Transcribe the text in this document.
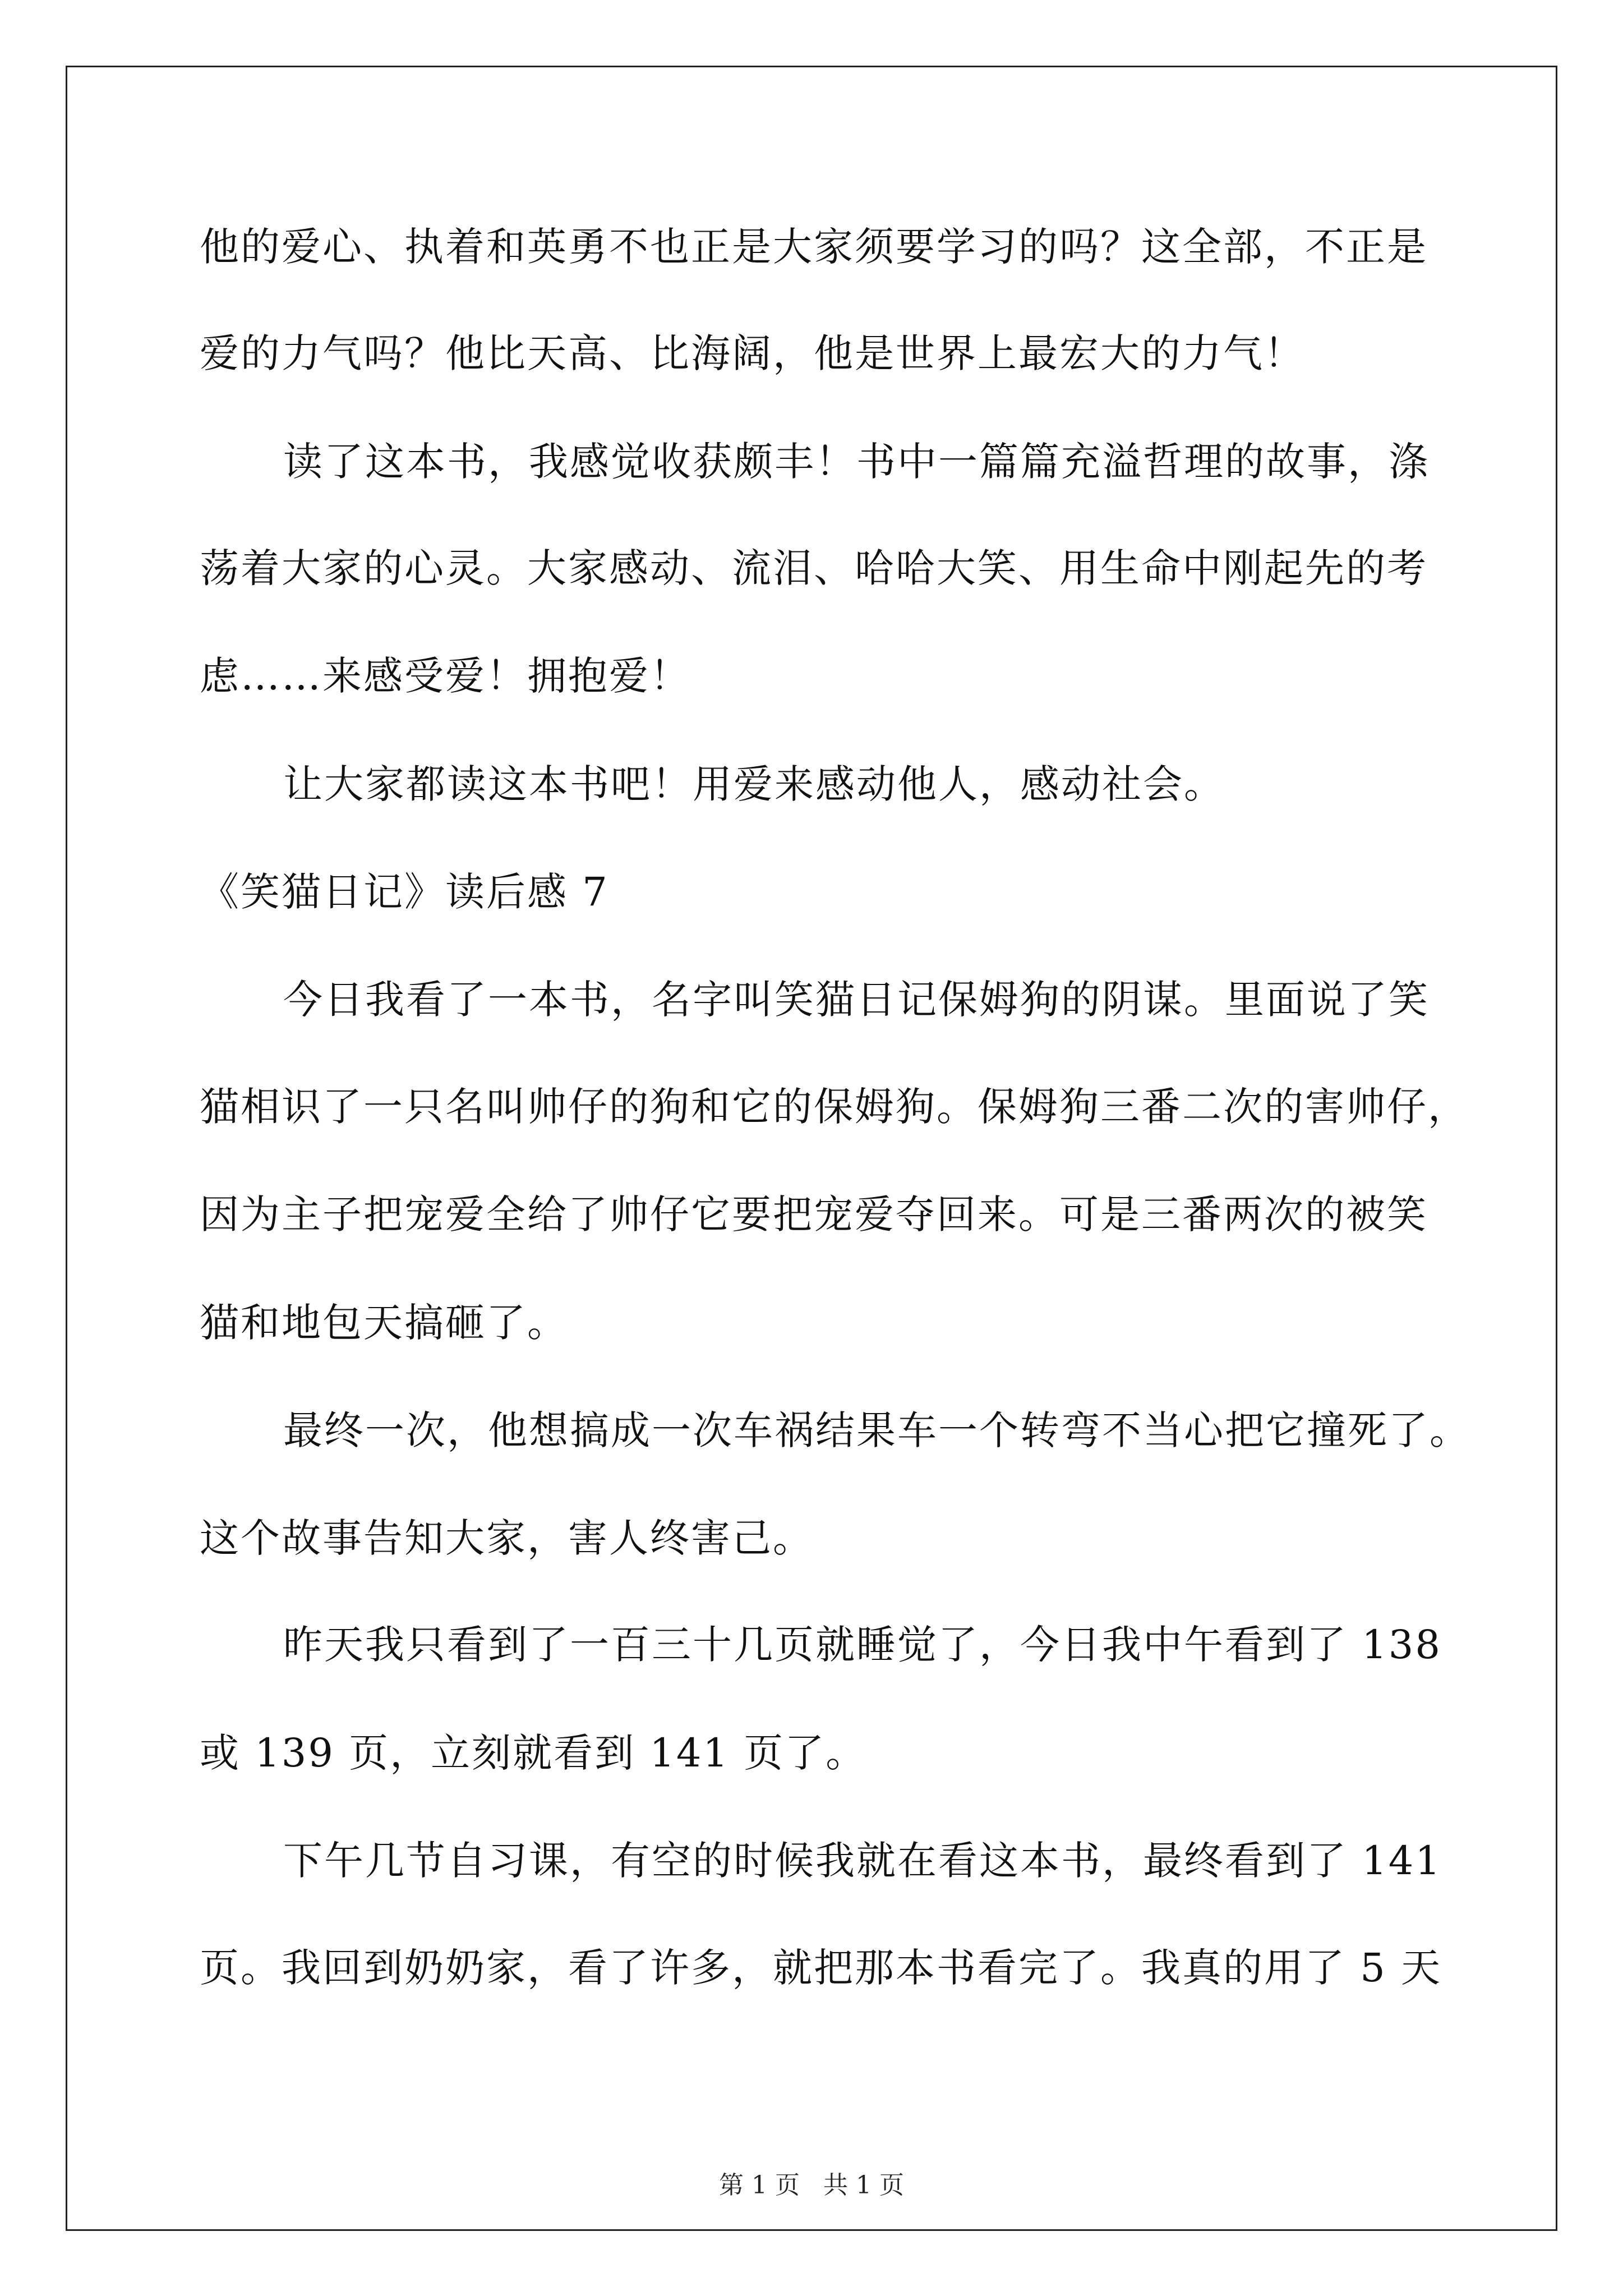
他的爱心、执着和英勇不也正是大家须要学习的吗？这全部，不正是
爱的力气吗？他比天高、比海阔，他是世界上最宏大的力气！
读了这本书，我感觉收获颇丰！书中一篇篇充溢哲理的故事，涤
荡着大家的心灵。大家感动、流泪、哈哈大笑、用生命中刚起先的考
虑……来感受爱！拥抱爱！
让大家都读这本书吧！用爱来感动他人，感动社会。
《笑猫日记》读后感 7
今日我看了一本书，名字叫笑猫日记保姆狗的阴谋。里面说了笑
猫相识了一只名叫帅仔的狗和它的保姆狗。保姆狗三番二次的害帅仔，
因为主子把宠爱全给了帅仔它要把宠爱夺回来。可是三番两次的被笑
猫和地包天搞砸了。
最终一次，他想搞成一次车祸结果车一个转弯不当心把它撞死了。
这个故事告知大家，害人终害己。
昨天我只看到了一百三十几页就睡觉了，今日我中午看到了 138
或 139 页，立刻就看到 141 页了。
下午几节自习课，有空的时候我就在看这本书，最终看到了 141
页。我回到奶奶家，看了许多，就把那本书看完了。我真的用了 5 天
第 1 页   共 1 页
